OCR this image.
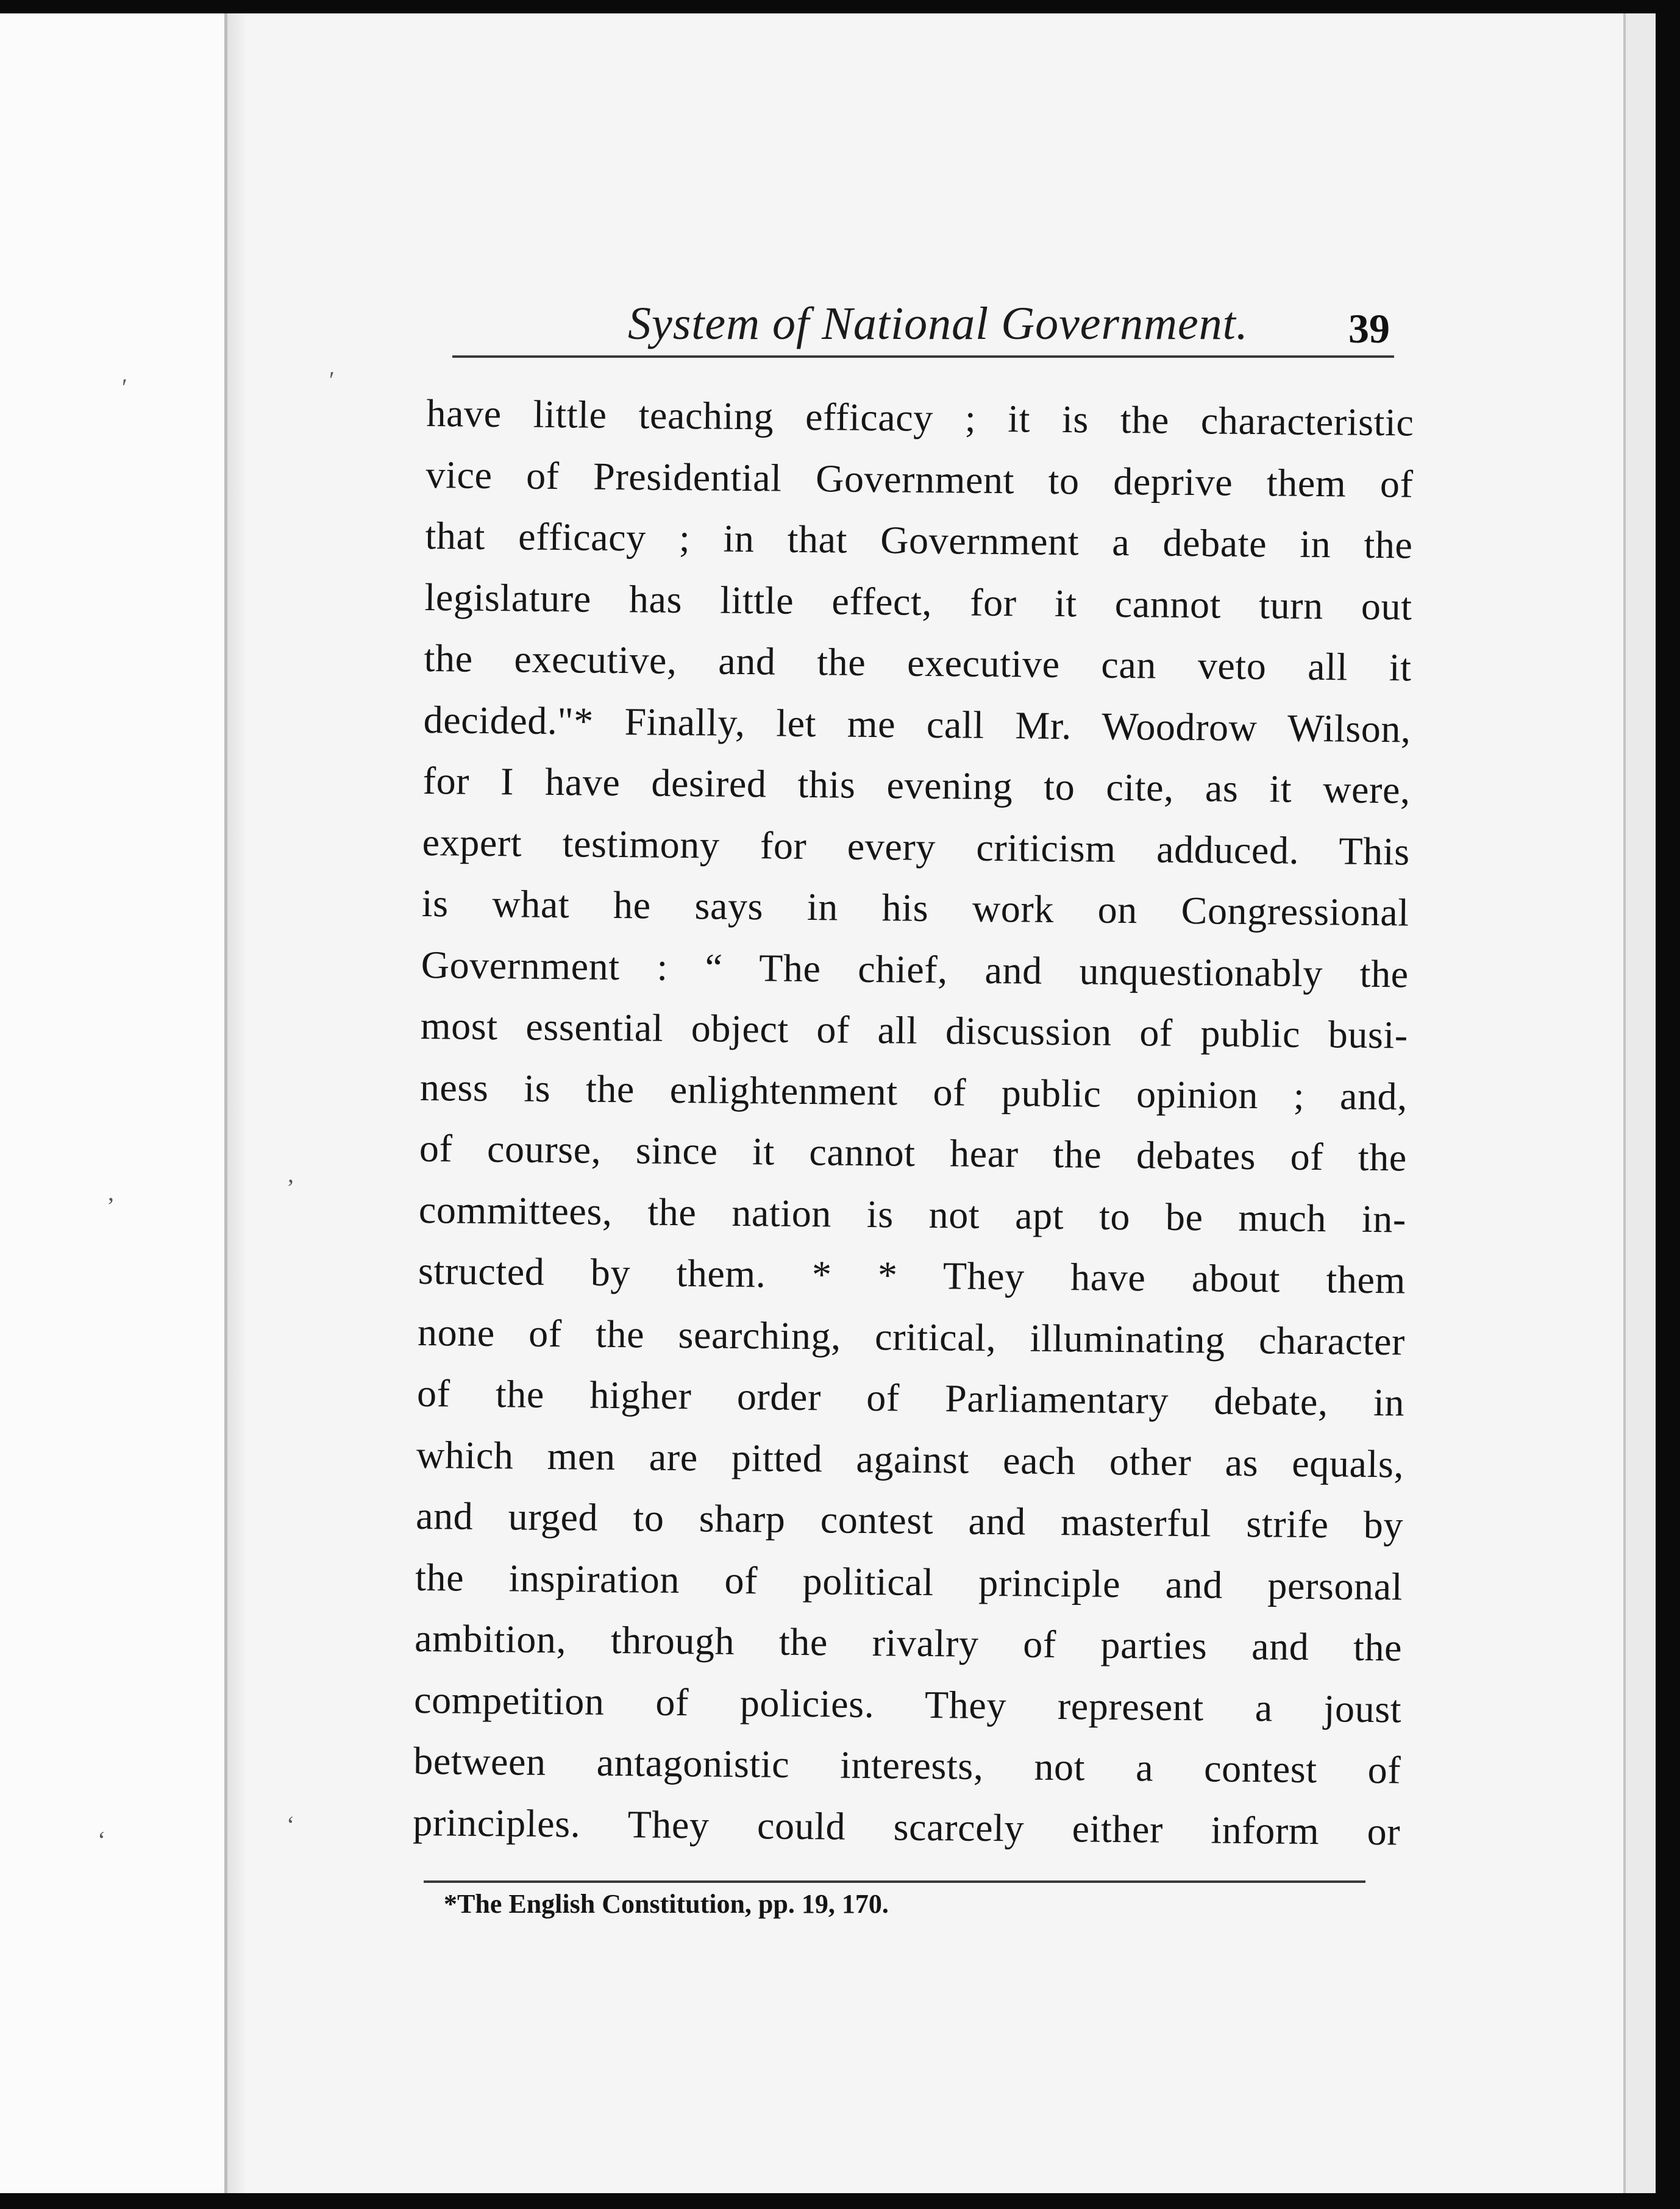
′	′
’
’
‘
‘
System of National Government. 39
have little teaching efficacy ; it is the characteristic
vice of Presidential Government to deprive them of
that efficacy ; in that Government a debate in the
legislature has little effect, for it cannot turn out
the executive, and the executive can veto all it
decided."* Finally, let me call Mr. Woodrow Wilson,
for I have desired this evening to cite, as it were,
expert testimony for every criticism adduced. This
is what he says in his work on Congressional
Government : “ The chief, and unquestionably the
most essential object of all discussion of public busi-
ness is the enlightenment of public opinion ; and,
of course, since it cannot hear the debates of the
committees, the nation is not apt to be much in-
structed by them. * * They have about them
none of the searching, critical, illuminating character
of the higher order of Parliamentary debate, in
which men are pitted against each other as equals,
and urged to sharp contest and masterful strife by
the inspiration of political principle and personal
ambition, through the rivalry of parties and the
competition of policies. They represent a joust
between antagonistic interests, not a contest of
principles. They could scarcely either inform or
*The English Constitution, pp. 19, 170.
